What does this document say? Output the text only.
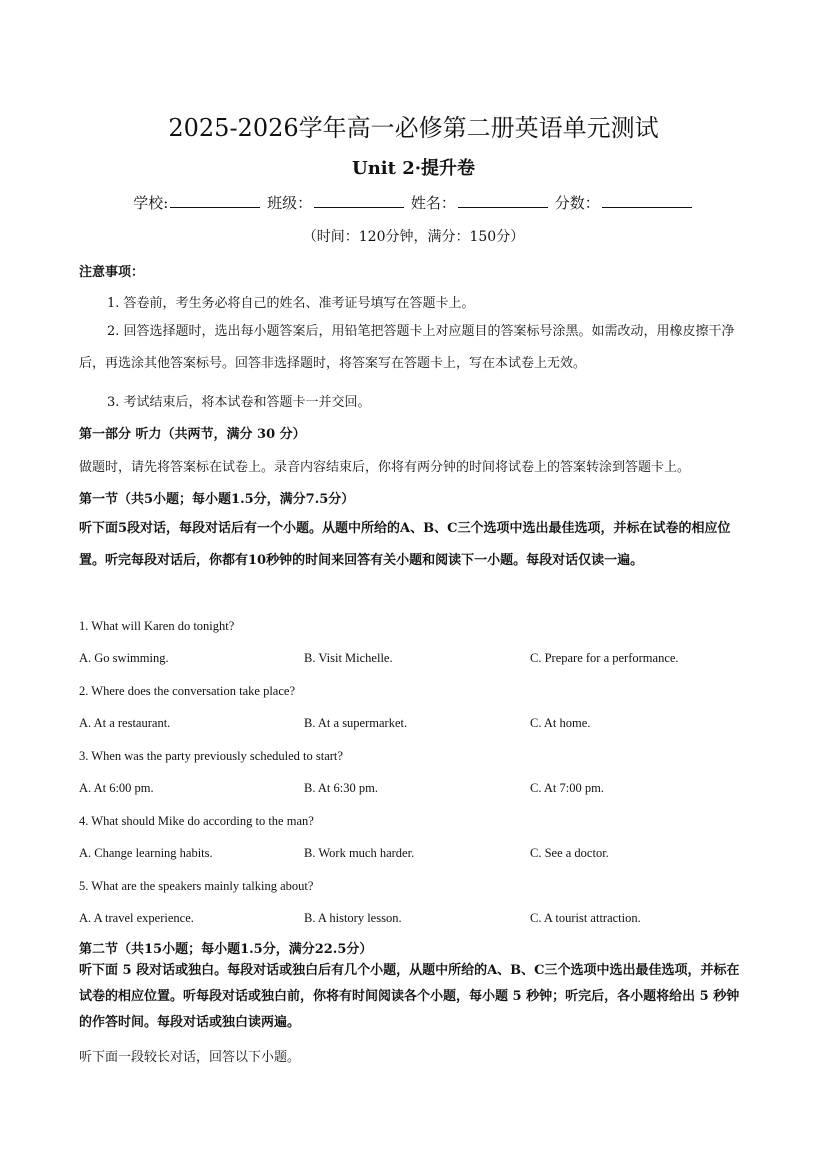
2025-2026学年高一必修第二册英语单元测试
Unit 2·提升卷
学校:	班级：	姓名：	分数：
（时间：120分钟，满分：150分）
注意事项：
1. 答卷前，考生务必将自己的姓名、准考证号填写在答题卡上。
2. 回答选择题时，选出每小题答案后，用铅笔把答题卡上对应题目的答案标号涂黑。如需改动，用橡皮擦干净后，再选涂其他答案标号。回答非选择题时，将答案写在答题卡上，写在本试卷上无效。
3. 考试结束后，将本试卷和答题卡一并交回。
第一部分 听力（共两节，满分 30 分）
做题时，请先将答案标在试卷上。录音内容结束后，你将有两分钟的时间将试卷上的答案转涂到答题卡上。
第一节（共5小题；每小题1.5分，满分7.5分）
听下面5段对话，每段对话后有一个小题。从题中所给的A、B、C三个选项中选出最佳选项，并标在试卷的相应位置。听完每段对话后，你都有10秒钟的时间来回答有关小题和阅读下一小题。每段对话仅读一遍。
1. What will Karen do tonight?
A. Go swimming.	B. Visit Michelle.	C. Prepare for a performance.
2. Where does the conversation take place?
A. At a restaurant.	B. At a supermarket.	C. At home.
3. When was the party previously scheduled to start?
A. At 6:00 pm.	B. At 6:30 pm.	C. At 7:00 pm.
4. What should Mike do according to the man?
A. Change learning habits.	B. Work much harder.	C. See a doctor.
5. What are the speakers mainly talking about?
A. A travel experience.	B. A history lesson.	C. A tourist attraction.
第二节（共15小题；每小题1.5分，满分22.5分）
听下面 5 段对话或独白。每段对话或独白后有几个小题，从题中所给的A、B、C三个选项中选出最佳选项，并标在试卷的相应位置。听每段对话或独白前，你将有时间阅读各个小题，每小题 5 秒钟；听完后，各小题将给出 5 秒钟的作答时间。每段对话或独白读两遍。
听下面一段较长对话，回答以下小题。
